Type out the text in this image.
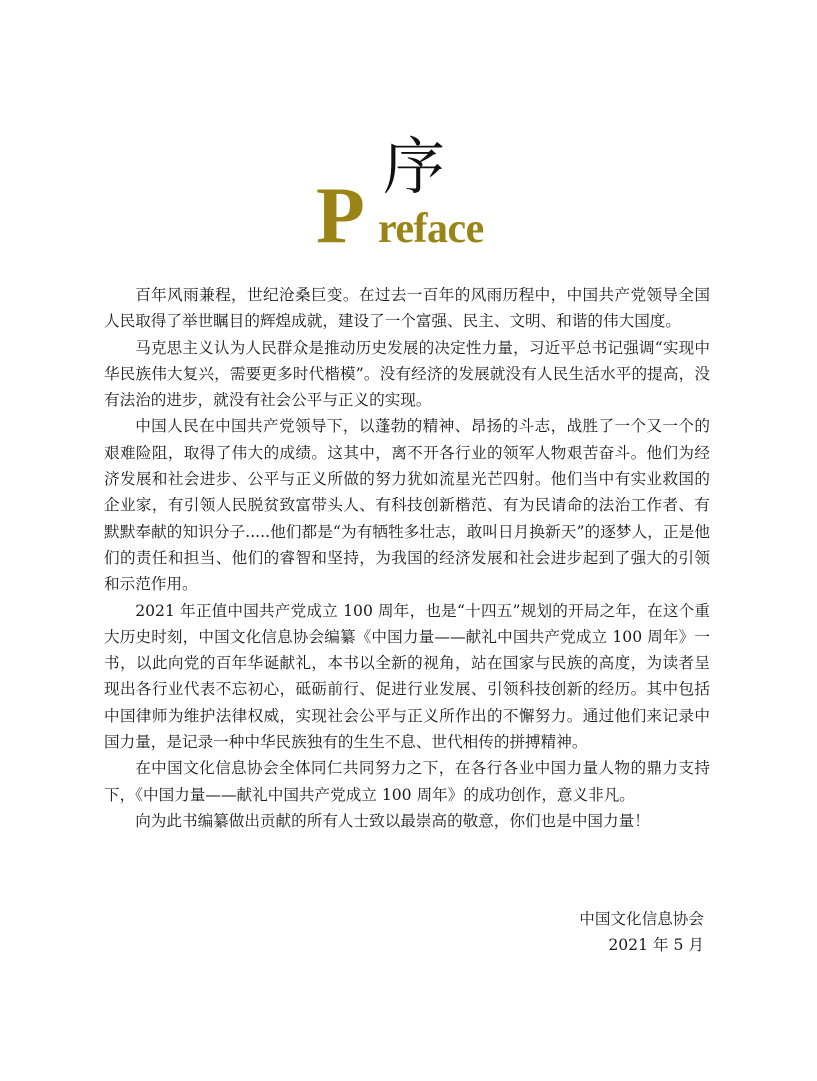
序
P reface

百年风雨兼程，世纪沧桑巨变。在过去一百年的风雨历程中，中国共产党领导全国人民取得了举世瞩目的辉煌成就，建设了一个富强、民主、文明、和谐的伟大国度。

马克思主义认为人民群众是推动历史发展的决定性力量，习近平总书记强调“实现中华民族伟大复兴，需要更多时代楷模”。没有经济的发展就没有人民生活水平的提高，没有法治的进步，就没有社会公平与正义的实现。

中国人民在中国共产党领导下，以蓬勃的精神、昂扬的斗志，战胜了一个又一个的艰难险阻，取得了伟大的成绩。这其中，离不开各行业的领军人物艰苦奋斗。他们为经济发展和社会进步、公平与正义所做的努力犹如流星光芒四射。他们当中有实业救国的企业家，有引领人民脱贫致富带头人、有科技创新楷范、有为民请命的法治工作者、有默默奉献的知识分子.....他们都是“为有牺牲多壮志，敢叫日月换新天”的逐梦人，正是他们的责任和担当、他们的睿智和坚持，为我国的经济发展和社会进步起到了强大的引领和示范作用。

2021 年正值中国共产党成立 100 周年，也是“十四五”规划的开局之年，在这个重大历史时刻，中国文化信息协会编纂《中国力量——献礼中国共产党成立 100 周年》一书，以此向党的百年华诞献礼，本书以全新的视角，站在国家与民族的高度，为读者呈现出各行业代表不忘初心，砥砺前行、促进行业发展、引领科技创新的经历。其中包括中国律师为维护法律权威，实现社会公平与正义所作出的不懈努力。通过他们来记录中国力量，是记录一种中华民族独有的生生不息、世代相传的拼搏精神。

在中国文化信息协会全体同仁共同努力之下，在各行各业中国力量人物的鼎力支持下，《中国力量——献礼中国共产党成立 100 周年》的成功创作，意义非凡。

向为此书编纂做出贡献的所有人士致以最崇高的敬意，你们也是中国力量！

中国文化信息协会
2021 年 5 月
